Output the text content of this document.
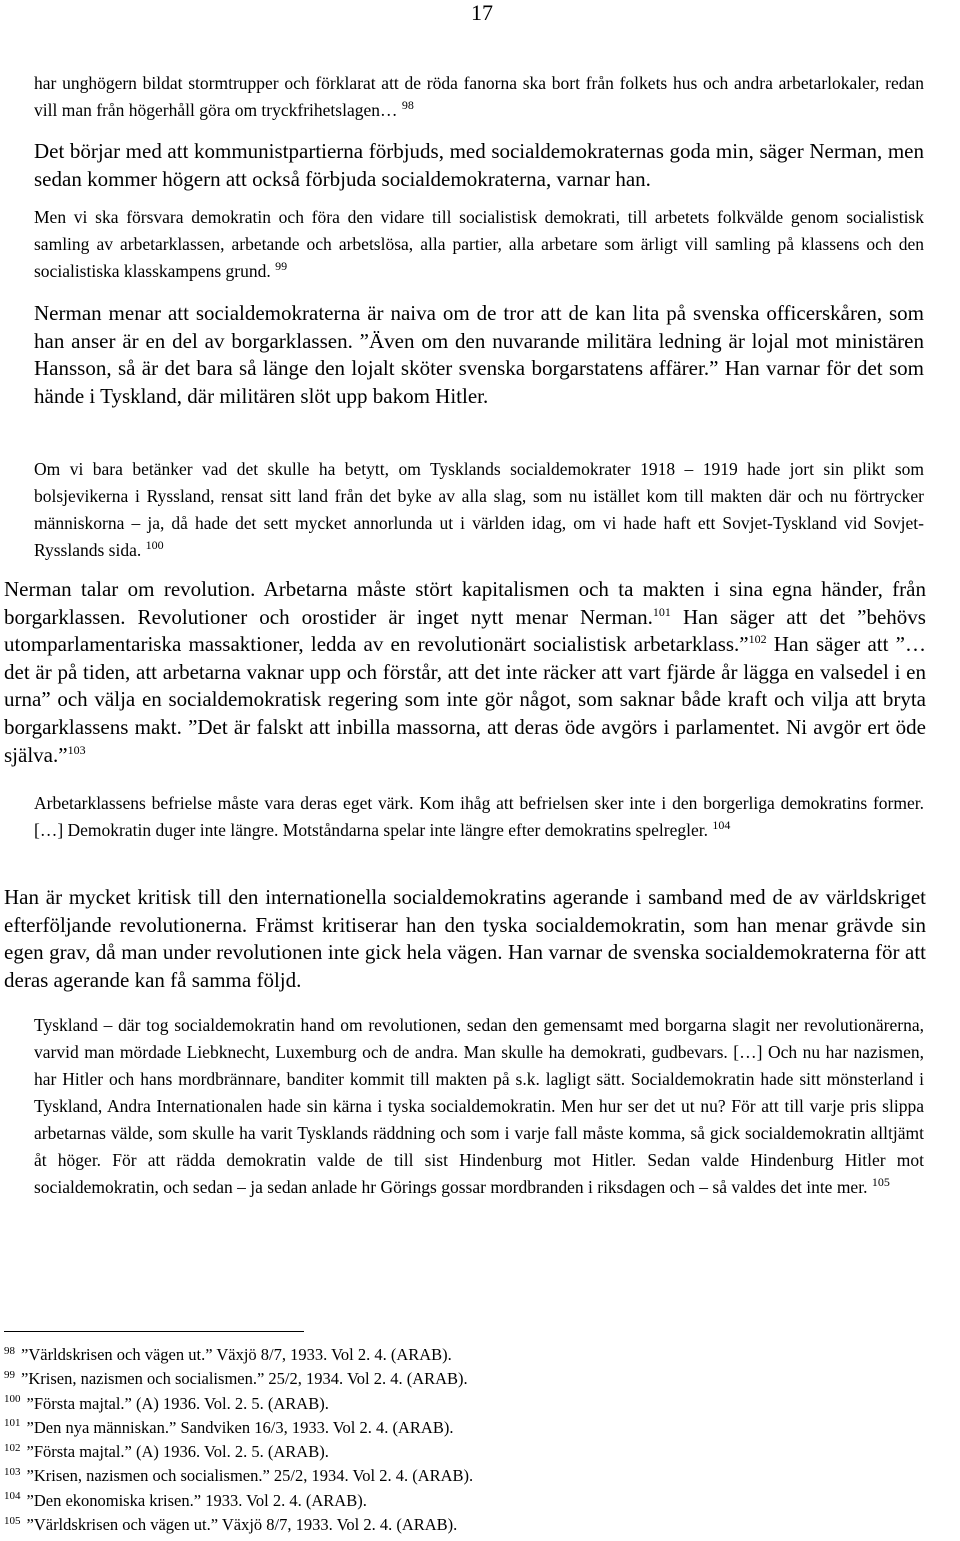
17

har unghögern bildat stormtrupper och förklarat att de röda fanorna ska bort från folkets hus och andra arbetarlokaler, redan vill man från högerhåll göra om tryckfrihetslagen… $^{98}$

Det börjar med att kommunistpartierna förbjuds, med socialdemokraternas goda min, säger Nerman, men sedan kommer högern att också förbjuda socialdemokraterna, varnar han.

Men vi ska försvara demokratin och föra den vidare till socialistisk demokrati, till arbetets folkvälde genom socialistisk samling av arbetarklassen, arbetande och arbetslösa, alla partier, alla arbetare som ärligt vill samling på klassens och den socialistiska klasskampens grund. $^{99}$

Nerman menar att socialdemokraterna är naiva om de tror att de kan lita på svenska officerskåren, som han anser är en del av borgarklassen. ”Även om den nuvarande militära ledning är lojal mot ministären Hansson, så är det bara så länge den lojalt sköter svenska borgarstatens affärer.” Han varnar för det som hände i Tyskland, där militären slöt upp bakom Hitler.

Om vi bara betänker vad det skulle ha betytt, om Tysklands socialdemokrater 1918 – 1919 hade jort sin plikt som bolsjevikerna i Ryssland, rensat sitt land från det byke av alla slag, som nu istället kom till makten där och nu förtrycker människorna – ja, då hade det sett mycket annorlunda ut i världen idag, om vi hade haft ett Sovjet-Tyskland vid Sovjet-Rysslands sida. $^{100}$

Nerman talar om revolution. Arbetarna måste stört kapitalismen och ta makten i sina egna händer, från borgarklassen. Revolutioner och orostider är inget nytt menar Nerman.$^{101}$ Han säger att det ”behövs utomparlamentariska massaktioner, ledda av en revolutionärt socialistisk arbetarklass.”$^{102}$ Han säger att ”…det är på tiden, att arbetarna vaknar upp och förstår, att det inte räcker att vart fjärde år lägga en valsedel i en urna” och välja en socialdemokratisk regering som inte gör något, som saknar både kraft och vilja att bryta borgarklassens makt. ”Det är falskt att inbilla massorna, att deras öde avgörs i parlamentet. Ni avgör ert öde själva.”$^{103}$

Arbetarklassens befrielse måste vara deras eget värk. Kom ihåg att befrielsen sker inte i den borgerliga demokratins former. […] Demokratin duger inte längre. Motståndarna spelar inte längre efter demokratins spelregler. $^{104}$

Han är mycket kritisk till den internationella socialdemokratins agerande i samband med de av världskriget efterföljande revolutionerna. Främst kritiserar han den tyska socialdemokratin, som han menar grävde sin egen grav, då man under revolutionen inte gick hela vägen. Han varnar de svenska socialdemokraterna för att deras agerande kan få samma följd.

Tyskland – där tog socialdemokratin hand om revolutionen, sedan den gemensamt med borgarna slagit ner revolutionärerna, varvid man mördade Liebknecht, Luxemburg och de andra. Man skulle ha demokrati, gudbevars. […] Och nu har nazismen, har Hitler och hans mordbrännare, banditer kommit till makten på s.k. lagligt sätt. Socialdemokratin hade sitt mönsterland i Tyskland, Andra Internationalen hade sin kärna i tyska socialdemokratin. Men hur ser det ut nu? För att till varje pris slippa arbetarnas välde, som skulle ha varit Tysklands räddning och som i varje fall måste komma, så gick socialdemokratin alltjämt åt höger. För att rädda demokratin valde de till sist Hindenburg mot Hitler. Sedan valde Hindenburg Hitler mot socialdemokratin, och sedan – ja sedan anlade hr Görings gossar mordbranden i riksdagen och – så valdes det inte mer. $^{105}$

$^{98}$ ”Världskrisen och vägen ut.” Växjö 8/7, 1933. Vol 2. 4. (ARAB).
$^{99}$ ”Krisen, nazismen och socialismen.” 25/2, 1934. Vol 2. 4. (ARAB).
$^{100}$ ”Första majtal.” (A) 1936. Vol. 2. 5. (ARAB).
$^{101}$ ”Den nya människan.” Sandviken 16/3, 1933. Vol 2. 4. (ARAB).
$^{102}$ ”Första majtal.” (A) 1936. Vol. 2. 5. (ARAB).
$^{103}$ ”Krisen, nazismen och socialismen.” 25/2, 1934. Vol 2. 4. (ARAB).
$^{104}$ ”Den ekonomiska krisen.” 1933. Vol 2. 4. (ARAB).
$^{105}$ ”Världskrisen och vägen ut.” Växjö 8/7, 1933. Vol 2. 4. (ARAB).
